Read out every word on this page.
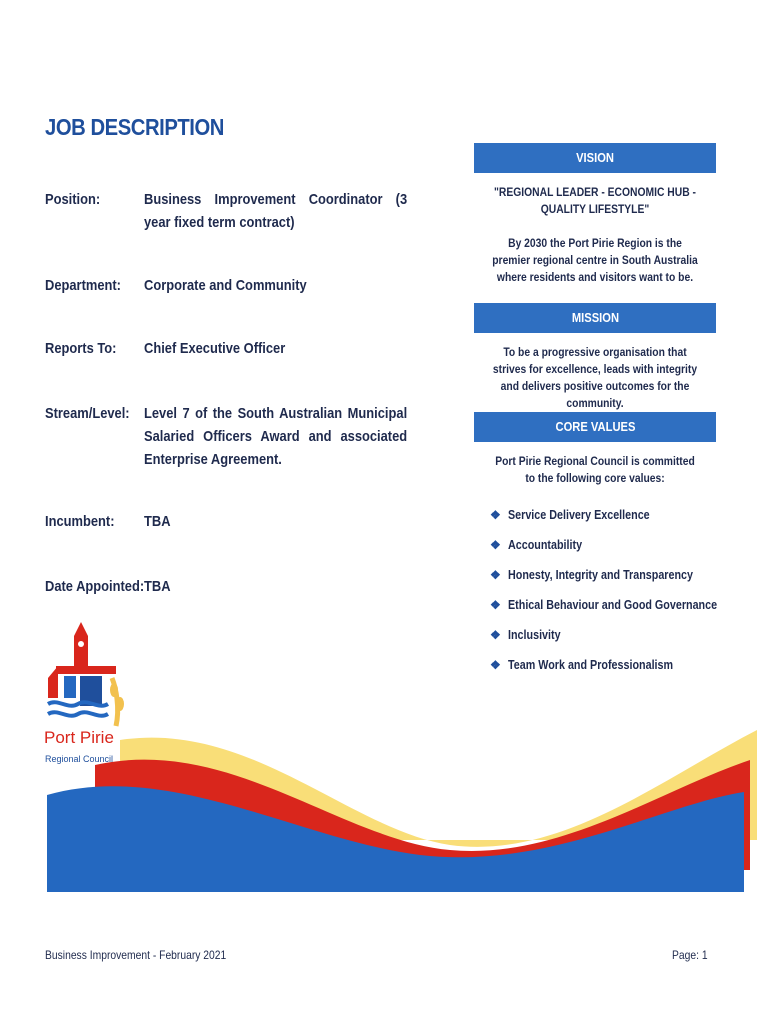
JOB DESCRIPTION
Position:	Business Improvement Coordinator (3 year fixed term contract)
Department: Corporate and Community
Reports To: Chief Executive Officer
Stream/Level: Level 7 of the South Australian Municipal Salaried Officers Award and associated Enterprise Agreement.
Incumbent: TBA
Date Appointed: TBA
VISION
"REGIONAL LEADER - ECONOMIC HUB - QUALITY LIFESTYLE"
By 2030 the Port Pirie Region is the premier regional centre in South Australia where residents and visitors want to be.
MISSION
To be a progressive organisation that strives for excellence, leads with integrity and delivers positive outcomes for the community.
CORE VALUES
Port Pirie Regional Council is committed to the following core values:
❖ Service Delivery Excellence
❖ Accountability
❖ Honesty, Integrity and Transparency
❖ Ethical Behaviour and Good Governance
❖ Inclusivity
❖ Team Work and Professionalism
Port Pirie
Regional Council
Business Improvement - February 2021	Page: 1
